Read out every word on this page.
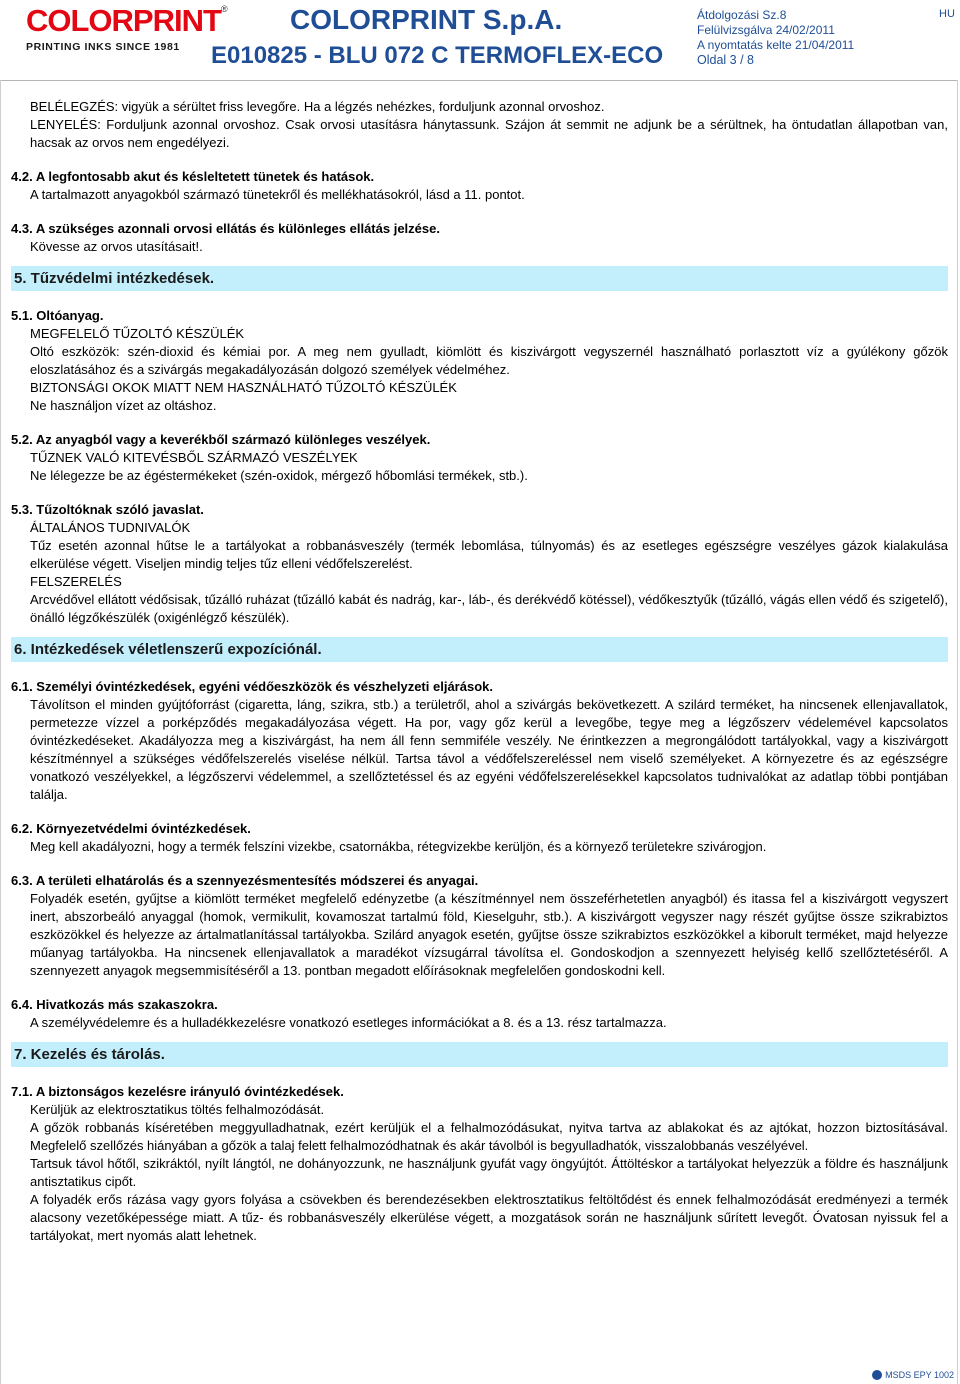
COLORPRINT®
PRINTING INKS SINCE 1981
COLORPRINT S.p.A.
E010825 - BLU 072 C TERMOFLEX-ECO
Átdolgozási Sz.8
Felülvizsgálva 24/02/2011
A nyomtatás kelte 21/04/2011
Oldal 3 / 8
HU

BELÉLEGZÉS: vigyük a sérültet friss levegőre. Ha a légzés nehézkes, forduljunk azonnal orvoshoz.

LENYELÉS: Forduljunk azonnal orvoshoz. Csak orvosi utasításra hánytassunk. Szájon át semmit ne adjunk be a sérültnek, ha öntudatlan állapotban van, hacsak az orvos nem engedélyezi.

4.2. A legfontosabb akut és késleltetett tünetek és hatások.

A tartalmazott anyagokból származó tünetekről és mellékhatásokról, lásd a 11. pontot.

4.3. A szükséges azonnali orvosi ellátás és különleges ellátás jelzése.

Kövesse az orvos utasításait!.

5. Tűzvédelmi intézkedések.

5.1. Oltóanyag.

MEGFELELŐ TŰZOLTÓ KÉSZÜLÉK

Oltó eszközök: szén-dioxid és kémiai por. A meg nem gyulladt, kiömlött és kiszivárgott vegyszernél használható porlasztott víz a gyúlékony gőzök eloszlatásához és a szivárgás megakadályozásán dolgozó személyek védelméhez.

BIZTONSÁGI OKOK MIATT NEM HASZNÁLHATÓ TŰZOLTÓ KÉSZÜLÉK

Ne használjon vízet az oltáshoz.

5.2. Az anyagból vagy a keverékből származó különleges veszélyek.

TŰZNEK VALÓ KITEVÉSBŐL SZÁRMAZÓ VESZÉLYEK

Ne lélegezze be az égéstermékeket (szén-oxidok, mérgező hőbomlási termékek, stb.).

5.3. Tűzoltóknak szóló javaslat.

ÁLTALÁNOS TUDNIVALÓK

Tűz esetén azonnal hűtse le a tartályokat a robbanásveszély (termék lebomlása, túlnyomás) és az esetleges egészségre veszélyes gázok kialakulása elkerülése végett. Viseljen mindig teljes tűz elleni védőfelszerelést.

FELSZERELÉS

Arcvédővel ellátott védősisak, tűzálló ruházat (tűzálló kabát és nadrág, kar-, láb-, és derékvédő kötéssel), védőkesztyűk (tűzálló, vágás ellen védő és szigetelő), önálló légzőkészülék (oxigénlégző készülék).

6. Intézkedések véletlenszerű expozíciónál.

6.1. Személyi óvintézkedések, egyéni védőeszközök és vészhelyzeti eljárások.

Távolítson el minden gyújtóforrást (cigaretta, láng, szikra, stb.) a területről, ahol a szivárgás bekövetkezett. A szilárd terméket, ha nincsenek ellenjavallatok, permetezze vízzel a porképződés megakadályozása végett. Ha por, vagy gőz kerül a levegőbe, tegye meg a légzőszerv védelemével kapcsolatos óvintézkedéseket. Akadályozza meg a kiszivárgást, ha nem áll fenn semmiféle veszély. Ne érintkezzen a megrongálódott tartályokkal, vagy a kiszivárgott készítménnyel a szükséges védőfelszerelés viselése nélkül. Tartsa távol a védőfelszereléssel nem viselő személyeket. A környezetre és az egészségre vonatkozó veszélyekkel, a légzőszervi védelemmel, a szellőztetéssel és az egyéni védőfelszerelésekkel kapcsolatos tudnivalókat az adatlap többi pontjában találja.

6.2. Környezetvédelmi óvintézkedések.

Meg kell akadályozni, hogy a termék felszíni vizekbe, csatornákba, rétegvizekbe kerüljön, és a környező területekre szivárogjon.

6.3. A területi elhatárolás és a szennyezésmentesítés módszerei és anyagai.

Folyadék esetén, gyűjtse a kiömlött terméket megfelelő edényzetbe (a készítménnyel nem összeférhetetlen anyagból) és itassa fel a kiszivárgott vegyszert inert, abszorbeáló anyaggal (homok, vermikulit, kovamoszat tartalmú föld, Kieselguhr, stb.). A kiszivárgott vegyszer nagy részét gyűjtse össze szikrabiztos eszközökkel és helyezze az ártalmatlanítással tartályokba. Szilárd anyagok esetén, gyűjtse össze szikrabiztos eszközökkel a kiborult terméket, majd helyezze műanyag tartályokba. Ha nincsenek ellenjavallatok a maradékot vízsugárral távolítsa el. Gondoskodjon a szennyezett helyiség kellő szellőztetéséről. A szennyezett anyagok megsemmisítéséről a 13. pontban megadott előírásoknak megfelelően gondoskodni kell.

6.4. Hivatkozás más szakaszokra.

A személyvédelemre és a hulladékkezelésre vonatkozó esetleges információkat a 8. és a 13. rész tartalmazza.

7. Kezelés és tárolás.

7.1. A biztonságos kezelésre irányuló óvintézkedések.

Kerüljük az elektrosztatikus töltés felhalmozódását.

A gőzök robbanás kíséretében meggyulladhatnak, ezért kerüljük el a felhalmozódásukat, nyitva tartva az ablakokat és az ajtókat, hozzon biztosításával. Megfelelő szellőzés hiányában a gőzök a talaj felett felhalmozódhatnak és akár távolból is begyulladhatók, visszalobbanás veszélyével.

Tartsuk távol hőtől, szikráktól, nyílt lángtól, ne dohányozzunk, ne használjunk gyufát vagy öngyújtót. Áttöltéskor a tartályokat helyezzük a földre és használjunk antisztatikus cipőt.

A folyadék erős rázása vagy gyors folyása a csövekben és berendezésekben elektrosztatikus feltöltődést és ennek felhalmozódását eredményezi a termék alacsony vezetőképessége miatt. A tűz- és robbanásveszély elkerülése végett, a mozgatások során ne használjunk sűrített levegőt. Óvatosan nyissuk fel a tartályokat, mert nyomás alatt lehetnek.

MSDS EPY 1002
